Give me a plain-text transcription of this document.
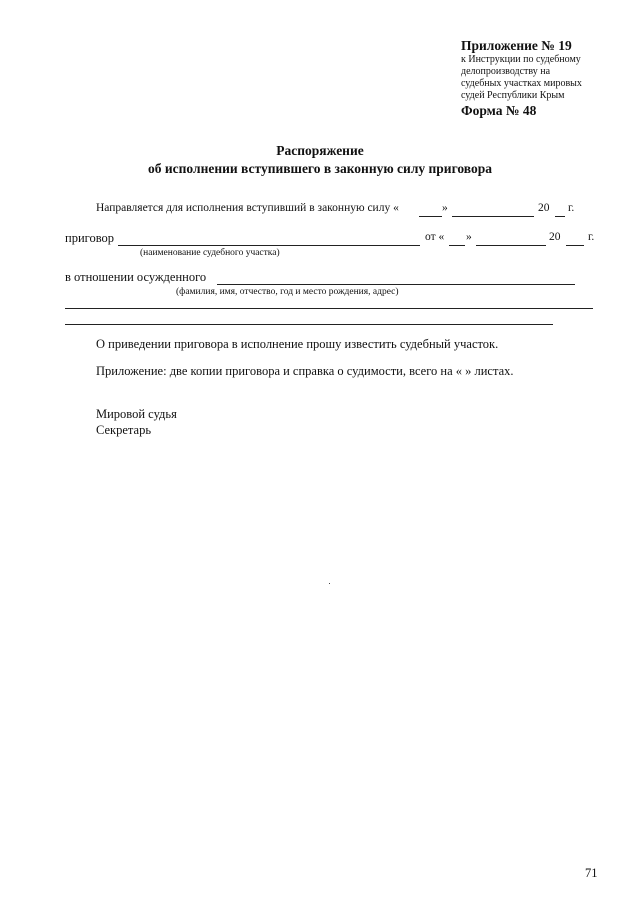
Приложение № 19
к Инструкции по судебному
делопроизводству на
судебных участках мировых
судей Республики Крым
Форма № 48
Распоряжение
об исполнении вступившего в законную силу приговора
Направляется для исполнения вступивший в законную силу «	»	20 г.
приговор
(наименование судебного участка)
от « »	20 г.
в отношении осужденного
(фамилия, имя, отчество, год и место рождения, адрес)
О приведении приговора в исполнение прошу известить судебный участок.
Приложение: две копии приговора и справка о судимости, всего на « » листах.
Мировой судья
Секретарь
71
